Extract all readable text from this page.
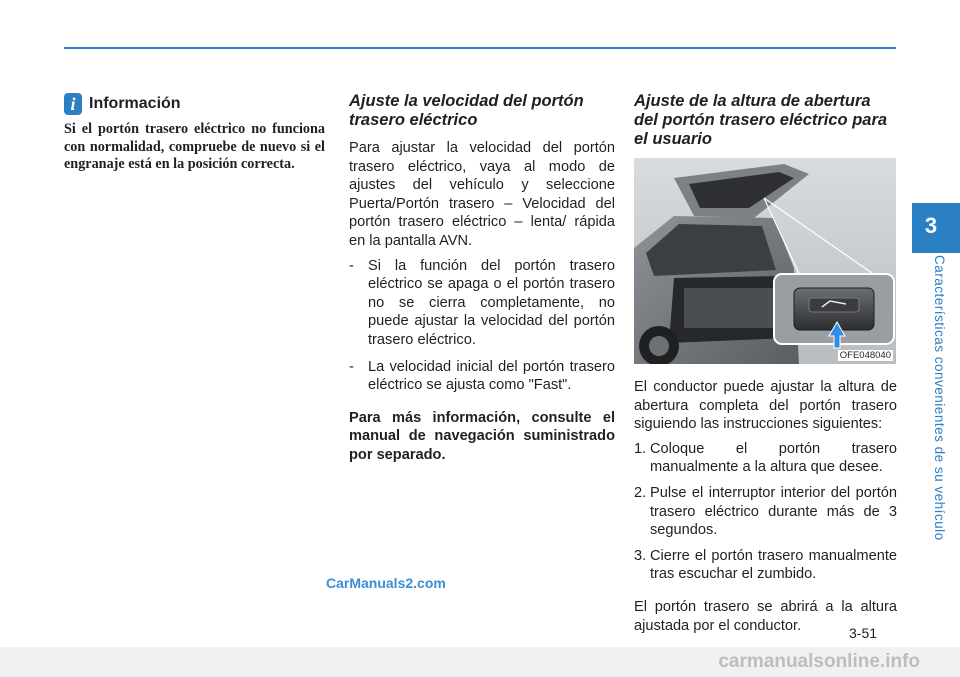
3
Características convenientes de su vehículo
i Información
Si el portón trasero eléctrico no funciona con normalidad, compruebe de nuevo si el engranaje está en la posición correcta.
Ajuste la velocidad del portón trasero eléctrico
Para ajustar la velocidad del portón trasero eléctrico, vaya al modo de ajustes del vehículo y seleccione Puerta/Portón trasero – Velocidad del portón trasero eléctrico – lenta/ rápida en la pantalla AVN.
- Si la función del portón trasero eléctrico se apaga o el portón trasero no se cierra completamente, no puede ajustar la velocidad del portón trasero eléctrico.
- La velocidad inicial del portón trasero eléctrico se ajusta como "Fast".
Para más información, consulte el manual de navegación suministrado por separado.
Ajuste de la altura de abertura del portón trasero eléctrico para el usuario
OFE048040
El conductor puede ajustar la altura de abertura completa del portón trasero siguiendo las instrucciones siguientes:
1. Coloque el portón trasero manualmente a la altura que desee.
2. Pulse el interruptor interior del portón trasero eléctrico durante más de 3 segundos.
3. Cierre el portón trasero manualmente tras escuchar el zumbido.
El portón trasero se abrirá a la altura ajustada por el conductor.
CarManuals2.com
3-51
carmanualsonline.info
